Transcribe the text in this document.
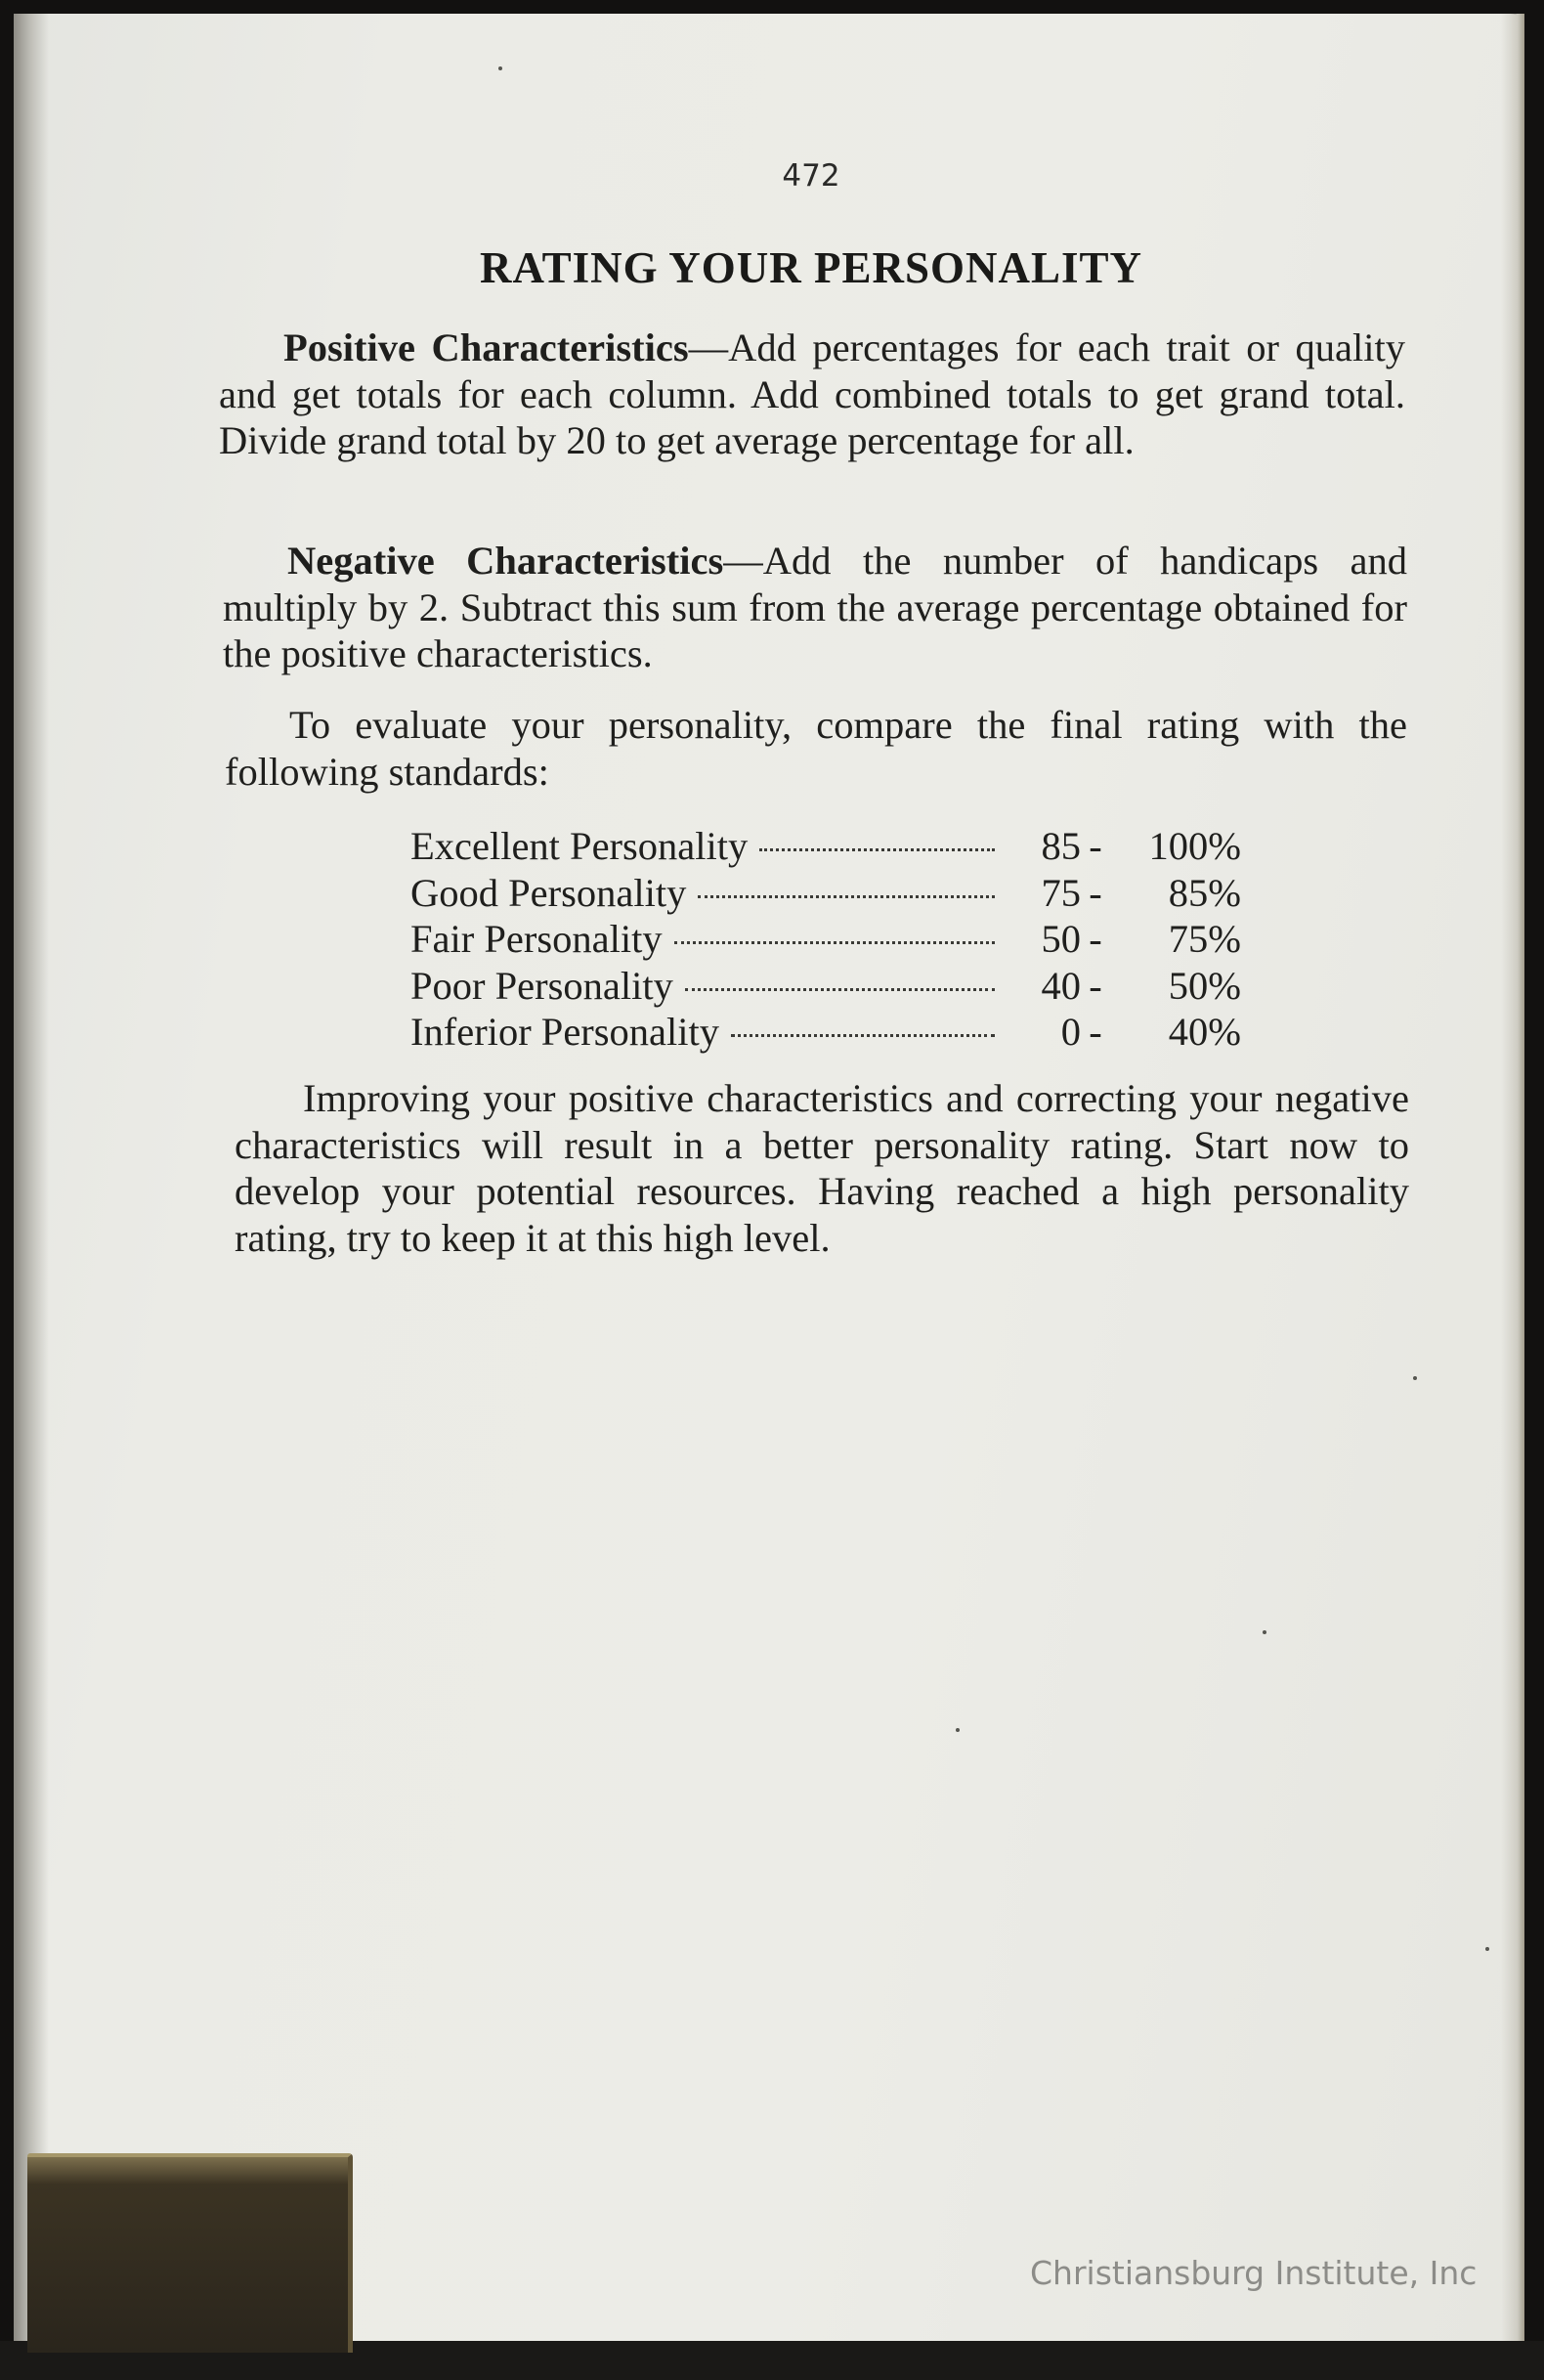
472
RATING YOUR PERSONALITY

Positive Characteristics—Add percentages for each trait or quality and get totals for each column. Add combined totals to get grand total. Divide grand total by 20 to get average percentage for all.

Negative Characteristics—Add the number of handicaps and multiply by 2. Subtract this sum from the average percentage obtained for the positive characteristics.

To evaluate your personality, compare the final rating with the following standards:

Excellent Personality	85 -	100%
Good Personality	75 -	85%
Fair Personality	50 -	75%
Poor Personality	40 -	50%
Inferior Personality	0 -	40%

Improving your positive characteristics and correcting your negative characteristics will result in a better personality rating. Start now to develop your potential resources. Having reached a high personality rating, try to keep it at this high level.

Christiansburg Institute, Inc
